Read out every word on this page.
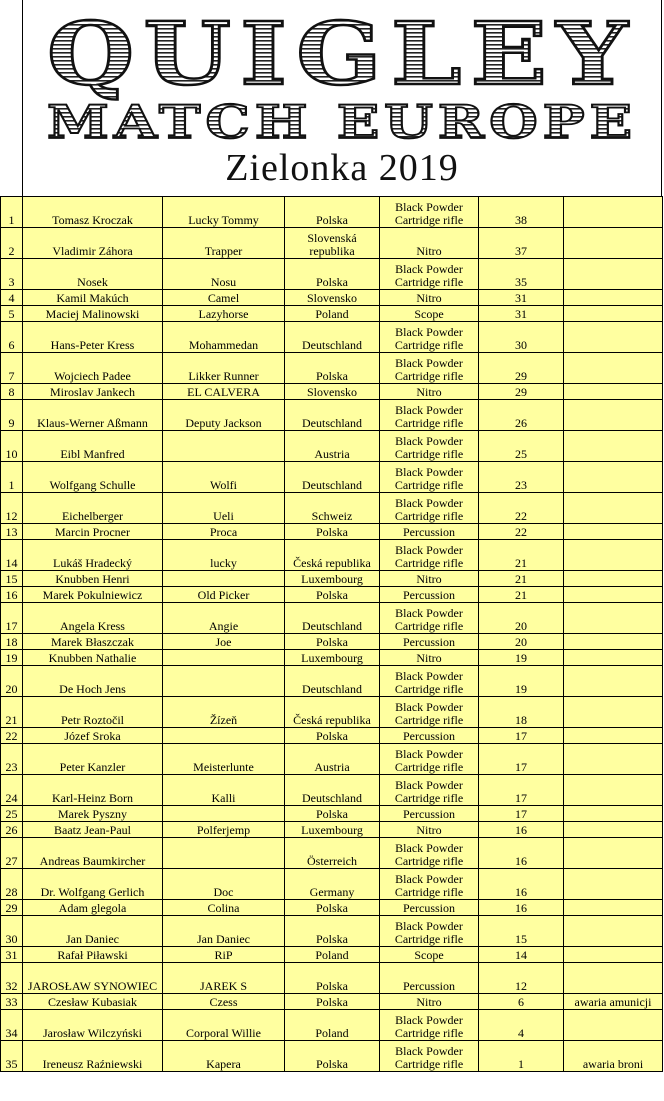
QUIGLEY
MATCH EUROPE
Zielonka 2019
1	Tomasz Kroczak	Lucky Tommy	Polska	Black Powder
Cartridge rifle	38	
2	Vladimir Záhora	Trapper	Slovenská republika	Nitro	37	
3	Nosek	Nosu	Polska	Black Powder
Cartridge rifle	35	
4	Kamil Makúch	Camel	Slovensko	Nitro	31	
5	Maciej Malinowski	Lazyhorse	Poland	Scope	31	
6	Hans-Peter Kress	Mohammedan	Deutschland	Black Powder
Cartridge rifle	30	
7	Wojciech Padee	Likker Runner	Polska	Black Powder
Cartridge rifle	29	
8	Miroslav Jankech	EL CALVERA	Slovensko	Nitro	29	
9	Klaus-Werner Aßmann	Deputy Jackson	Deutschland	Black Powder
Cartridge rifle	26	
10	Eibl Manfred		Austria	Black Powder
Cartridge rifle	25	
1	Wolfgang Schulle	Wolfi	Deutschland	Black Powder
Cartridge rifle	23	
12	Eichelberger	Ueli	Schweiz	Black Powder
Cartridge rifle	22	
13	Marcin Procner	Proca	Polska	Percussion	22	
14	Lukáš Hradecký	lucky	Česká republika	Black Powder
Cartridge rifle	21	
15	Knubben Henri		Luxembourg	Nitro	21	
16	Marek Pokulniewicz	Old Picker	Polska	Percussion	21	
17	Angela Kress	Angie	Deutschland	Black Powder
Cartridge rifle	20	
18	Marek Błaszczak	Joe	Polska	Percussion	20	
19	Knubben Nathalie		Luxembourg	Nitro	19	
20	De Hoch Jens		Deutschland	Black Powder
Cartridge rifle	19	
21	Petr Roztočil	Žízeň	Česká republika	Black Powder
Cartridge rifle	18	
22	Józef Sroka		Polska	Percussion	17	
23	Peter Kanzler	Meisterlunte	Austria	Black Powder
Cartridge rifle	17	
24	Karl-Heinz Born	Kalli	Deutschland	Black Powder
Cartridge rifle	17	
25	Marek Pyszny		Polska	Percussion	17	
26	Baatz Jean-Paul	Polferjemp	Luxembourg	Nitro	16	
27	Andreas Baumkircher		Österreich	Black Powder
Cartridge rifle	16	
28	Dr. Wolfgang Gerlich	Doc	Germany	Black Powder
Cartridge rifle	16	
29	Adam glegola	Colina	Polska	Percussion	16	
30	Jan Daniec	Jan Daniec	Polska	Black Powder
Cartridge rifle	15	
31	Rafał Piławski	RiP	Poland	Scope	14	
32	JAROSŁAW SYNOWIEC	JAREK S	Polska	Percussion	12	
33	Czesław Kubasiak	Czess	Polska	Nitro	6	awaria amunicji
34	Jarosław Wilczyński	Corporal Willie	Poland	Black Powder
Cartridge rifle	4	
35	Ireneusz Raźniewski	Kapera	Polska	Black Powder
Cartridge rifle	1	awaria broni
